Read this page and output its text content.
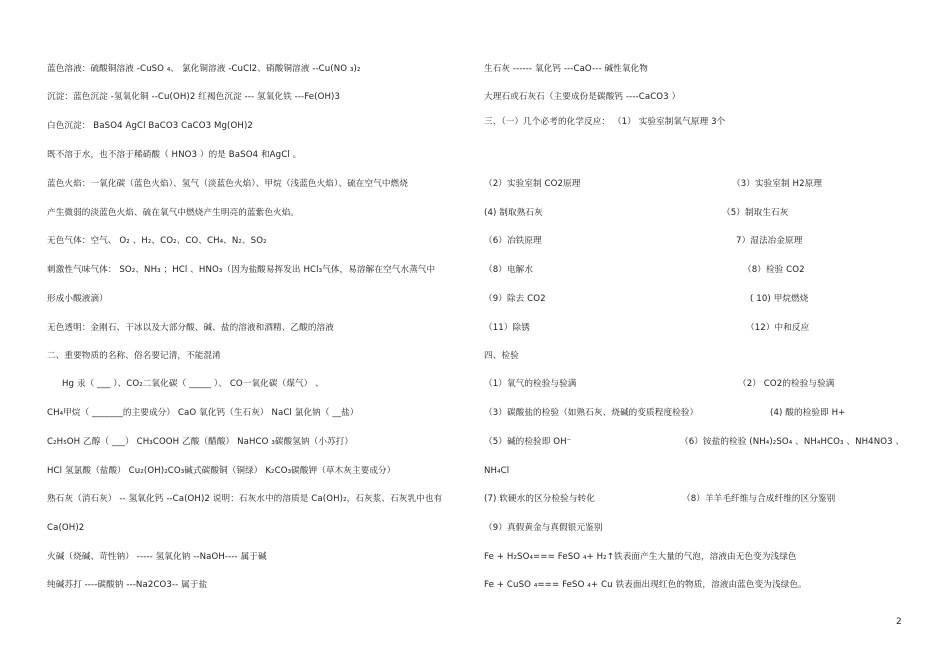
蓝色溶液：硫酸铜溶液 -CuSO ₄、 氯化铜溶液 -CuCl2、硝酸铜溶液 --Cu(NO ₃)₂
沉淀：蓝色沉淀 -氢氧化铜 --Cu(OH)2 红褐色沉淀 --- 氢氧化铁 ---Fe(OH)3
白色沉淀： BaSO4 AgCl BaCO3 CaCO3 Mg(OH)2
既不溶于水，也不溶于稀硝酸（ HNO3 ）的是 BaSO4 和AgCl 。
蓝色火焰：一氧化碳（蓝色火焰）、氢气（淡蓝色火焰）、甲烷（浅蓝色火焰）、硫在空气中燃烧
产生微弱的淡蓝色火焰、硫在氧气中燃烧产生明亮的蓝紫色火焰。
无色气体：空气、 O₂ 、H₂、CO₂、CO、CH₄、N₂、SO₂
刺激性气味气体： SO₂、NH₃ ；HCl 、HNO₃（因为盐酸易挥发出 HCl₃气体，易溶解在空气水蒸气中
形成小酸液滴）
无色透明：金刚石、干冰以及大部分酸、碱、盐的溶液和酒精、乙酸的溶液
二、重要物质的名称、俗名要记清，不能混淆
Hg 汞（ ___ ）、CO₂二氧化碳（ _____ ）、 CO一氧化碳（煤气） 、
CH₄甲烷（ _______的主要成分） CaO 氧化钙（生石灰） NaCl 氯化钠（ __盐）
C₂H₅OH 乙醇（ ___） CH₃COOH 乙酸（醋酸） NaHCO ₃碳酸氢钠（小苏打）
HCl 氢氯酸（盐酸） Cu₂(OH)₂CO₃碱式碳酸铜（铜绿） K₂CO₃碳酸钾（草木灰主要成分）
熟石灰（消石灰） -- 氢氧化钙 --Ca(OH)2 说明：石灰水中的溶质是 Ca(OH)₂，石灰浆、石灰乳中也有
Ca(OH)2
火碱（烧碱、苛性钠） ----- 氢氧化钠 --NaOH---- 属于碱
纯碱苏打 ----碳酸钠 ---Na2CO3-- 属于盐
生石灰 ------ 氧化钙 ---CaO--- 碱性氧化物
大理石或石灰石（主要成份是碳酸钙 ----CaCO3 ）
三、（一）几个必考的化学反应： （1） 实验室制氧气原理 3个
（2）实验室制 CO2原理	（3）实验室制 H2原理
(4) 制取熟石灰	（5）制取生石灰
（6）冶铁原理	7）湿法冶金原理
（8）电解水	（8）检验 CO2
（9）除去 CO2	( 10) 甲烷燃烧
（11）除锈	（12）中和反应
四、检验
（1）氧气的检验与验满	（2） CO2的检验与验满
（3）碳酸盐的检验（如熟石灰、烧碱的变质程度检验）	(4) 酸的检验即 H+
（5）碱的检验即 OH⁻	（6）铵盐的检验 (NH₄)₂SO₄ 、NH₄HCO₃ 、NH4NO3 、
NH₄Cl
(7) 软硬水的区分检验与转化	（8）羊羊毛纤维与合成纤维的区分鉴别
（9）真假黄金与真假银元鉴别
Fe + H₂SO₄=== FeSO ₄+ H₂↑铁表面产生大量的气泡，溶液由无色变为浅绿色
Fe + CuSO ₄=== FeSO ₄+ Cu 铁表面出现红色的物质，溶液由蓝色变为浅绿色。
2
